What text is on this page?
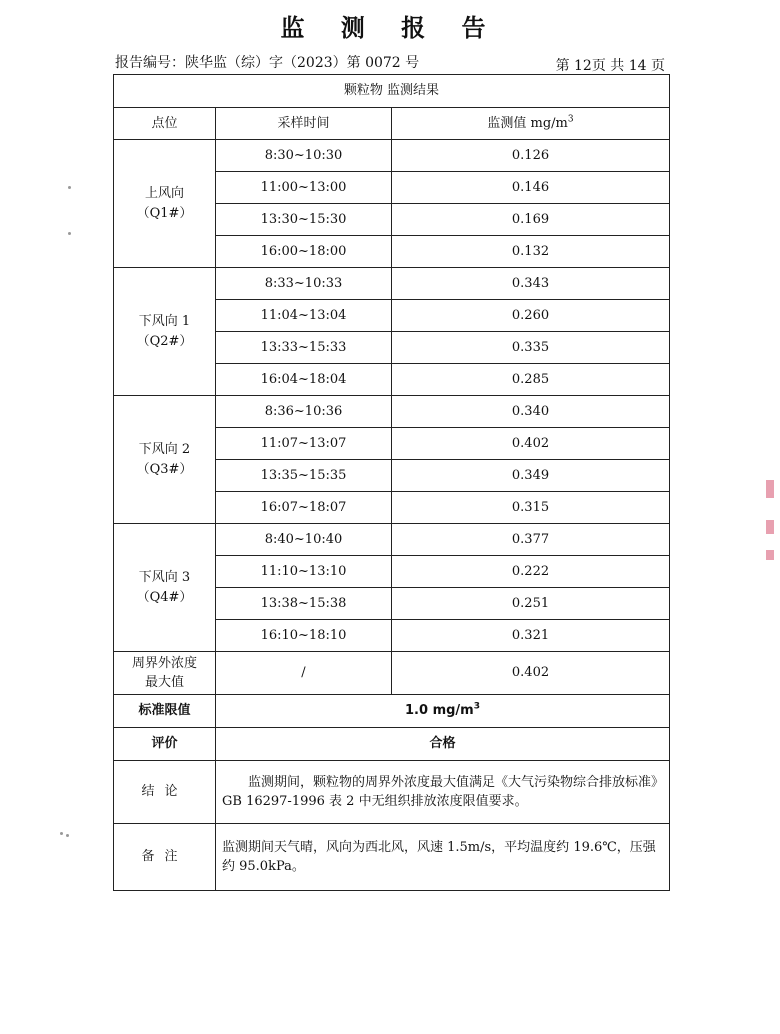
监 测 报 告
报告编号：陕华监（综）字（2023）第 0072 号	第 12页 共 14 页
颗粒物 监测结果		
点位	采样时间	监测值 $mg/m^3$
上风向
（Q1#）	8:30~10:30	0.126
	11:00~13:00	0.146
	13:30~15:30	0.169
	16:00~18:00	0.132
下风向 1
（Q2#）	8:33~10:33	0.343
	11:04~13:04	0.260
	13:33~15:33	0.335
	16:04~18:04	0.285
下风向 2
（Q3#）	8:36~10:36	0.340
	11:07~13:07	0.402
	13:35~15:35	0.349
	16:07~18:07	0.315
下风向 3
（Q4#）	8:40~10:40	0.377
	11:10~13:10	0.222
	13:38~15:38	0.251
	16:10~18:10	0.321
周界外浓度
最大值	/	0.402
标准限值	1.0 $mg/m^3$
评价	合格	
结论	监测期间，颗粒物的周界外浓度最大值满足《大气污染物综合排放标准》GB 16297-1996 表 2 中无组织排放浓度限值要求。	
备注	监测期间天气晴，风向为西北风，风速 1.5m/s，平均温度约 19.6℃，压强约 95.0kPa。	
